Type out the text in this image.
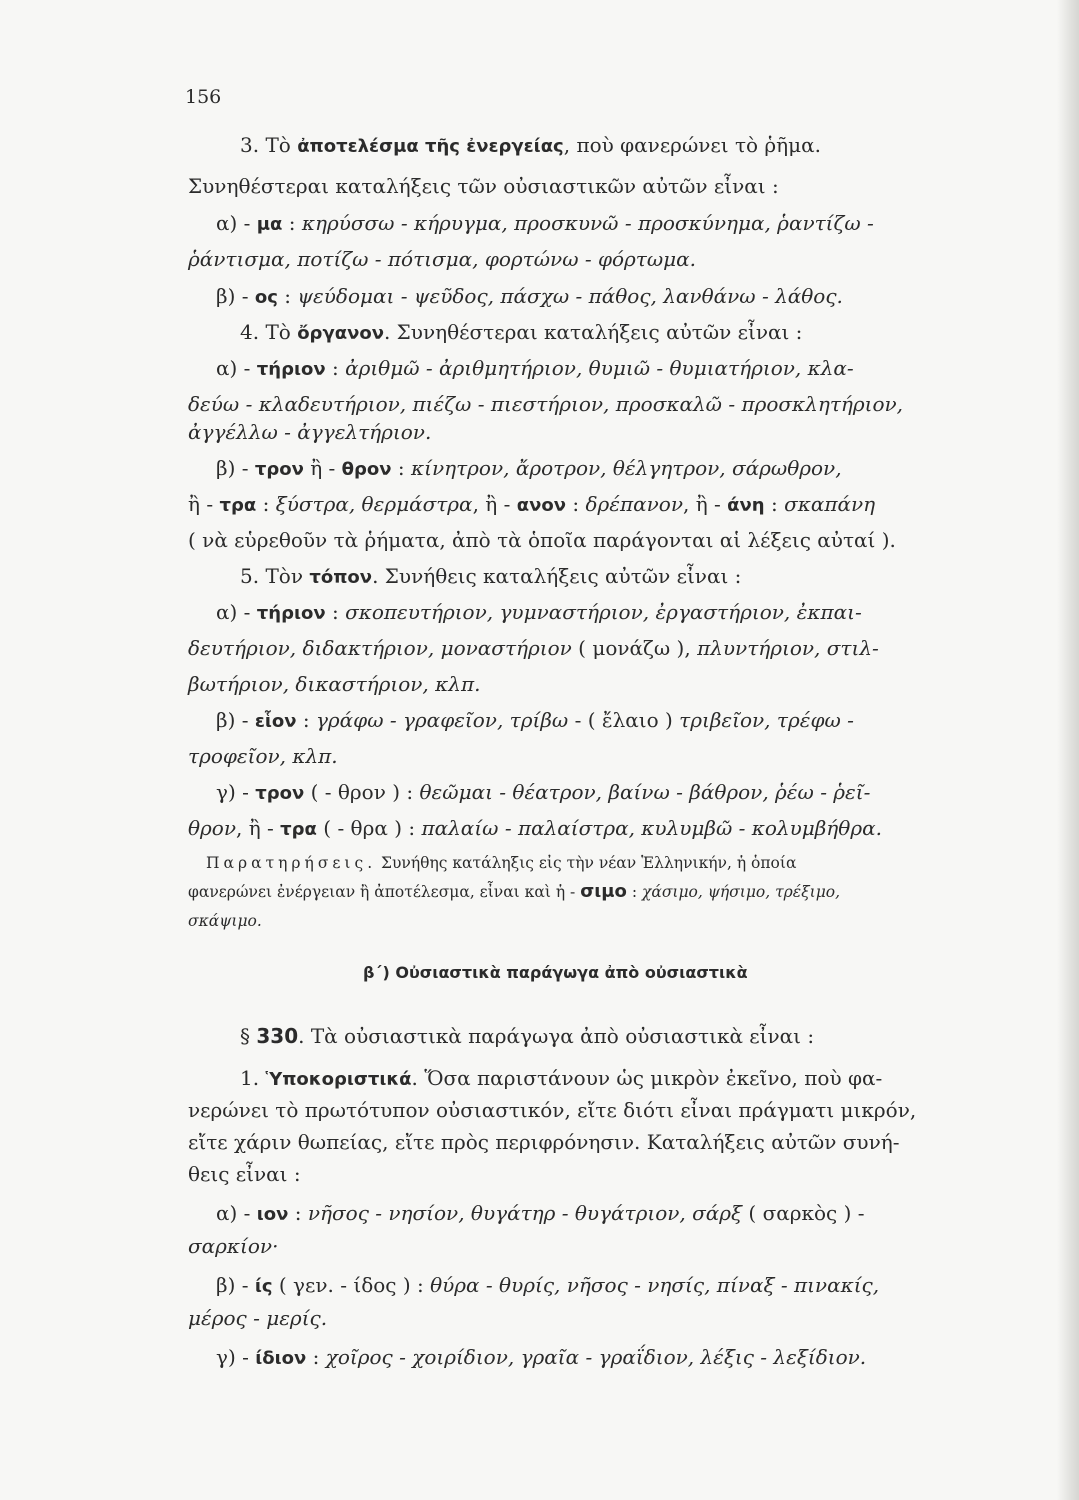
156
3. Τὸ ἀποτελέσμα τῆς ἐνεργείας, ποὺ φανερώνει τὸ ῥῆμα.
Συνηθέστεραι καταλήξεις τῶν οὐσιαστικῶν αὐτῶν εἶναι :
α) - μα : κηρύσσω - κήρυγμα, προσκυνῶ - προσκύνημα, ῥαντίζω -
ῥάντισμα, ποτίζω - πότισμα, φορτώνω - φόρτωμα.
β) - ος : ψεύδομαι - ψεῦδος, πάσχω - πάθος, λανθάνω - λάθος.
4. Τὸ ὄργανον. Συνηθέστεραι καταλήξεις αὐτῶν εἶναι :
α) - τήριον : ἀριθμῶ - ἀριθμητήριον, θυμιῶ - θυμιατήριον, κλα-
δεύω - κλαδευτήριον, πιέζω - πιεστήριον, προσκαλῶ - προσκλητήριον,
ἀγγέλλω - ἀγγελτήριον.
β) - τρον ἢ - θρον : κίνητρον, ἄροτρον, θέλγητρον, σάρωθρον,
ἢ - τρα : ξύστρα, θερμάστρα, ἢ - ανον : δρέπανον, ἢ - άνη : σκαπάνη
( νὰ εὑρεθοῦν τὰ ῥήματα, ἀπὸ τὰ ὁποῖα παράγονται αἱ λέξεις αὐταί ).
5. Τὸν τόπον. Συνήθεις καταλήξεις αὐτῶν εἶναι :
α) - τήριον : σκοπευτήριον, γυμναστήριον, ἐργαστήριον, ἐκπαι-
δευτήριον, διδακτήριον, μοναστήριον ( μονάζω ), πλυντήριον, στιλ-
βωτήριον, δικαστήριον, κλπ.
β) - εἷον : γράφω - γραφεῖον, τρίβω - ( ἔλαιο ) τριβεῖον, τρέφω -
τροφεῖον, κλπ.
γ) - τρον ( - θρον ) : θεῶμαι - θέατρον, βαίνω - βάθρον, ῥέω - ῥεῖ-
θρον, ἢ - τρα ( - θρα ) : παλαίω - παλαίστρα, κυλυμβῶ - κολυμβήθρα.
Παρατηρήσεις. Συνήθης κατάληξις εἰς τὴν νέαν Ἑλληνικήν, ἡ ὁποία
φανερώνει ἐνέργειαν ἢ ἀποτέλεσμα, εἶναι καὶ ἡ - σιμο : χάσιμο, ψήσιμο, τρέξιμο,
σκάψιμο.
β´) Οὐσιαστικὰ παράγωγα ἀπὸ οὐσιαστικὰ
§ 330. Τὰ οὐσιαστικὰ παράγωγα ἀπὸ οὐσιαστικὰ εἶναι :
1. Ὑποκοριστικά. Ὅσα παριστάνουν ὡς μικρὸν ἐκεῖνο, ποὺ φα-
νερώνει τὸ πρωτότυπον οὐσιαστικόν, εἴτε διότι εἶναι πράγματι μικρόν,
εἴτε χάριν θωπείας, εἴτε πρὸς περιφρόνησιν. Καταλήξεις αὐτῶν συνή-
θεις εἶναι :
α) - ιον : νῆσος - νησίον, θυγάτηρ - θυγάτριον, σάρξ ( σαρκὸς ) -
σαρκίον·
β) - ίς ( γεν. - ίδος ) : θύρα - θυρίς, νῆσος - νησίς, πίναξ - πινακίς,
μέρος - μερίς.
γ) - ίδιον : χοῖρος - χοιρίδιον, γραῖα - γραΐδιον, λέξις - λεξίδιον.
